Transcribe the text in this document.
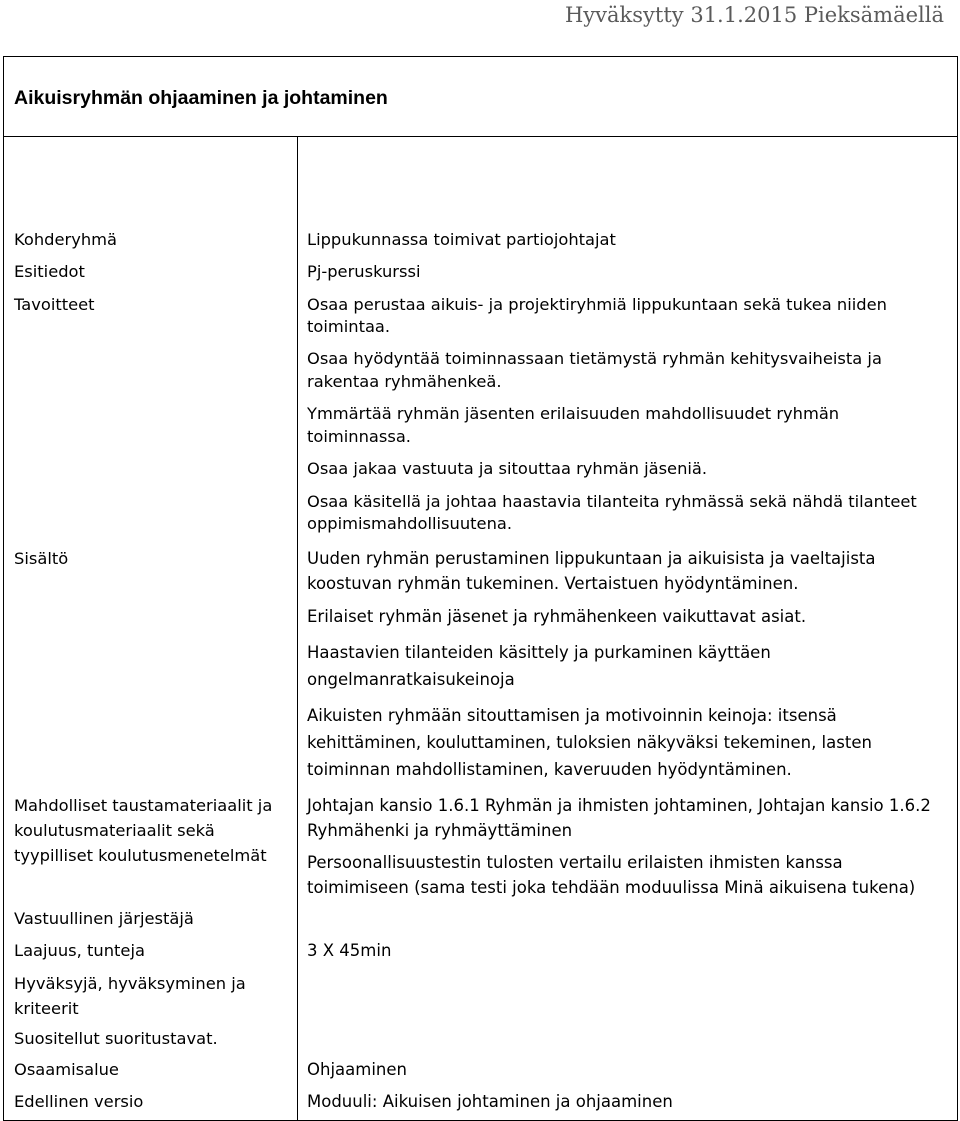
Hyväksytty 31.1.2015 Pieksämäellä
Aikuisryhmän ohjaaminen ja johtaminen
Kohderyhmä
Esitiedot
Tavoitteet
Sisältö
Mahdolliset taustamateriaalit ja
koulutusmateriaalit sekä
tyypilliset koulutusmenetelmät
Vastuullinen järjestäjä
Laajuus, tunteja
Hyväksyjä, hyväksyminen ja
kriteerit
Suositellut suoritustavat.
Osaamisalue
Edellinen versio
Lippukunnassa toimivat partiojohtajat
Pj-peruskurssi
Osaa perustaa aikuis- ja projektiryhmiä lippukuntaan sekä tukea niiden
toimintaa.
Osaa hyödyntää toiminnassaan tietämystä ryhmän kehitysvaiheista ja
rakentaa ryhmähenkeä.
Ymmärtää ryhmän jäsenten erilaisuuden mahdollisuudet ryhmän
toiminnassa.
Osaa jakaa vastuuta ja sitouttaa ryhmän jäseniä.
Osaa käsitellä ja johtaa haastavia tilanteita ryhmässä sekä nähdä tilanteet
oppimismahdollisuutena.
Uuden ryhmän perustaminen lippukuntaan ja aikuisista ja vaeltajista
koostuvan ryhmän tukeminen. Vertaistuen hyödyntäminen.
Erilaiset ryhmän jäsenet ja ryhmähenkeen vaikuttavat asiat.
Haastavien tilanteiden käsittely ja purkaminen käyttäen
ongelmanratkaisukeinoja
Aikuisten ryhmään sitouttamisen ja motivoinnin keinoja: itsensä
kehittäminen, kouluttaminen, tuloksien näkyväksi tekeminen, lasten
toiminnan mahdollistaminen, kaveruuden hyödyntäminen.
Johtajan kansio 1.6.1 Ryhmän ja ihmisten johtaminen, Johtajan kansio 1.6.2
Ryhmähenki ja ryhmäyttäminen
Persoonallisuustestin tulosten vertailu erilaisten ihmisten kanssa
toimimiseen (sama testi joka tehdään moduulissa Minä aikuisena tukena)
3 X 45min
Ohjaaminen
Moduuli: Aikuisen johtaminen ja ohjaaminen
